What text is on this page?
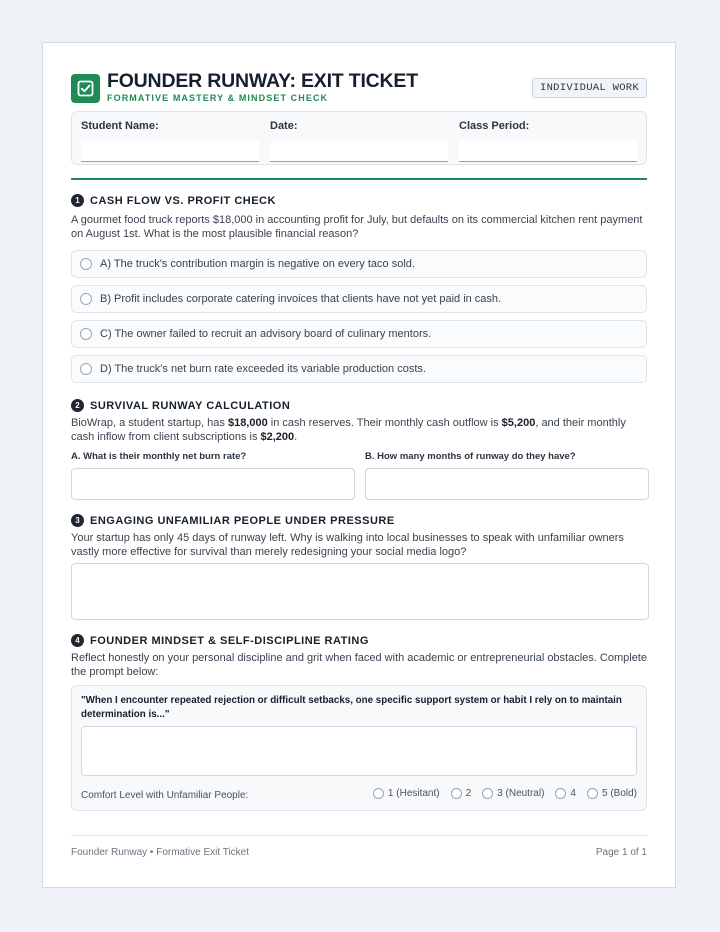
FOUNDER RUNWAY: EXIT TICKET
FORMATIVE MASTERY & MINDSET CHECK
INDIVIDUAL WORK
Student Name:	Date:	Class Period:
1 CASH FLOW VS. PROFIT CHECK
A gourmet food truck reports $18,000 in accounting profit for July, but defaults on its commercial kitchen rent payment on August 1st. What is the most plausible financial reason?
A) The truck's contribution margin is negative on every taco sold.
B) Profit includes corporate catering invoices that clients have not yet paid in cash.
C) The owner failed to recruit an advisory board of culinary mentors.
D) The truck's net burn rate exceeded its variable production costs.
2 SURVIVAL RUNWAY CALCULATION
BioWrap, a student startup, has $18,000 in cash reserves. Their monthly cash outflow is $5,200, and their monthly cash inflow from client subscriptions is $2,200.
A. What is their monthly net burn rate?	B. How many months of runway do they have?
3 ENGAGING UNFAMILIAR PEOPLE UNDER PRESSURE
Your startup has only 45 days of runway left. Why is walking into local businesses to speak with unfamiliar owners vastly more effective for survival than merely redesigning your social media logo?
4 FOUNDER MINDSET & SELF-DISCIPLINE RATING
Reflect honestly on your personal discipline and grit when faced with academic or entrepreneurial obstacles. Complete the prompt below:
"When I encounter repeated rejection or difficult setbacks, one specific support system or habit I rely on to maintain determination is..."
Comfort Level with Unfamiliar People:	1 (Hesitant)	2	3 (Neutral)	4	5 (Bold)
Founder Runway • Formative Exit Ticket	Page 1 of 1
